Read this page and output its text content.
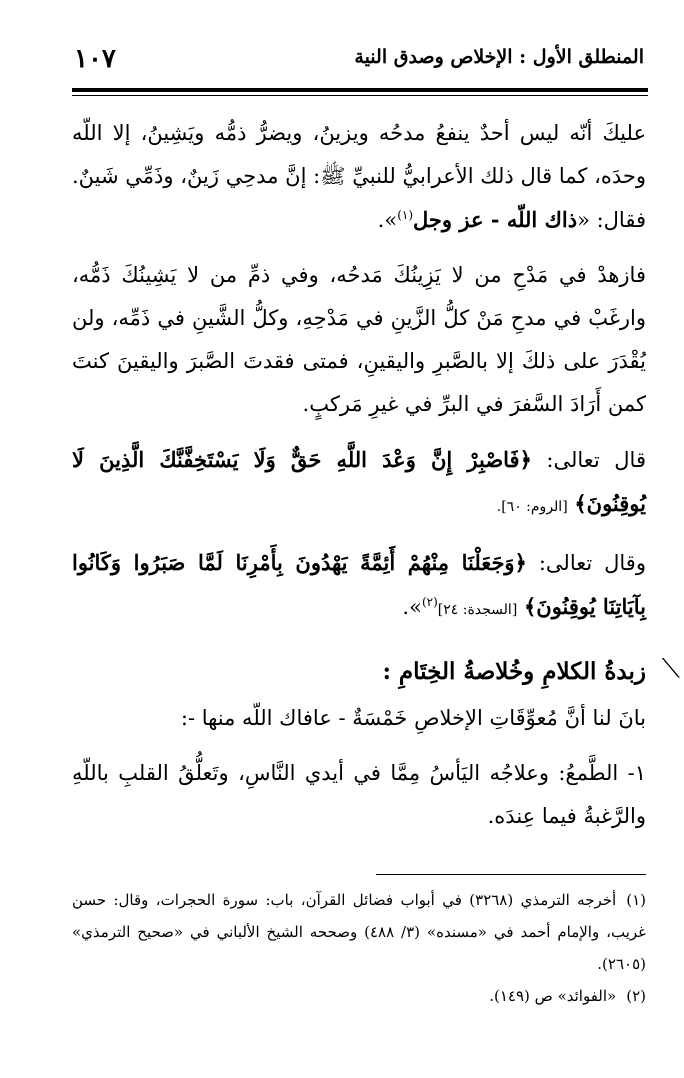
١٠٧	المنطلق الأول : الإخلاص وصدق النية

عليكَ أنّه ليس أحدٌ ينفعُ مدحُه ويزينُ، ويضرُّ ذمُّه ويَشِينُ، إلا اللّه وحدَه، كما قال ذلك الأعرابيُّ للنبيِّ ﷺ: إنَّ مدحِي زَينٌ، وذَمِّي شَينٌ. فقال: «ذاك اللّه - عز وجل$^{(١)}$».

فازهدْ في مَدْحِ من لا يَزِينُكَ مَدحُه، وفي ذمِّ من لا يَشِينُكَ ذَمُّه، وارغَبْ في مدحِ مَنْ كلُّ الزَّينِ في مَدْحِهِ، وكلُّ الشَّينِ في ذَمِّه، ولن يُقْدَرَ على ذلكَ إلا بالصَّبرِ واليقينِ، فمتى فقدتَ الصَّبرَ واليقينَ كنتَ كمن أَرَادَ السَّفرَ في البرِّ في غيرِ مَركبٍ.

قال تعالى: ﴿فَاصْبِرْ إِنَّ وَعْدَ اللَّهِ حَقٌّ وَلَا يَسْتَخِفَّنَّكَ الَّذِينَ لَا يُوقِنُونَ﴾ [الروم: ٦٠].

وقال تعالى: ﴿وَجَعَلْنَا مِنْهُمْ أَئِمَّةً يَهْدُونَ بِأَمْرِنَا لَمَّا صَبَرُوا وَكَانُوا بِآيَاتِنَا يُوقِنُونَ﴾ [السجدة: ٢٤]$^{(٢)}$».

⟋
زبدةُ الكلامِ وخُلاصةُ الخِتَامِ :

بانَ لنا أنَّ مُعوِّقَاتِ الإخلاصِ خَمْسَةٌ - عافاك اللّه منها -:

١- الطَّمعُ: وعلاجُه اليَأسُ مِمَّا في أيدي النَّاسِ، وتَعلُّقُ القلبِ باللّهِ والرَّغبةُ فيما عِندَه.

(١)أخرجه الترمذي (٣٢٦٨) في أبواب فضائل القرآن، باب: سورة الحجرات، وقال: حسن غريب، والإمام أحمد في «مسنده» (٣/ ٤٨٨) وصححه الشيخ الألباني في «صحيح الترمذي» (٢٦٠٥).

(٢)«الفوائد» ص (١٤٩).
